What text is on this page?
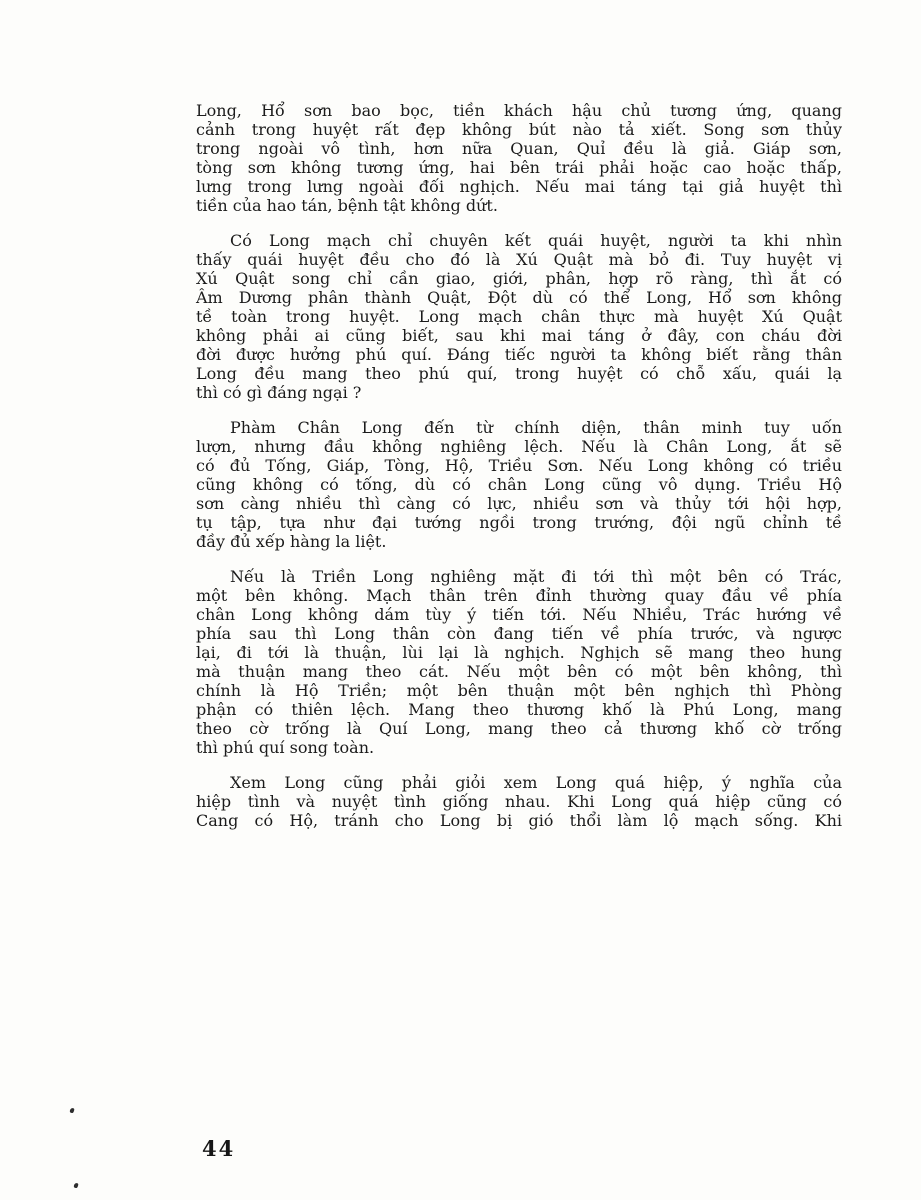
Long, Hổ sơn bao bọc, tiền khách hậu chủ tương ứng, quang
cảnh trong huyệt rất đẹp không bút nào tả xiết. Song sơn thủy
trong ngoài vô tình, hơn nữa Quan, Quỉ đều là giả. Giáp sơn,
tòng sơn không tương ứng, hai bên trái phải hoặc cao hoặc thấp,
lưng trong lưng ngoài đối nghịch. Nếu mai táng tại giả huyệt thì
tiền của hao tán, bệnh tật không dứt.

Có Long mạch chỉ chuyên kết quái huyệt, người ta khi nhìn
thấy quái huyệt đều cho đó là Xú Quật mà bỏ đi. Tuy huyệt vị
Xú Quật song chỉ cần giao, giới, phân, hợp rõ ràng, thì ắt có
Âm Dương phân thành Quật, Đột dù có thể Long, Hổ sơn không
tề toàn trong huyệt. Long mạch chân thực mà huyệt Xú Quật
không phải ai cũng biết, sau khi mai táng ở đây, con cháu đời
đời được hưởng phú quí. Đáng tiếc người ta không biết rằng thân
Long đều mang theo phú quí, trong huyệt có chỗ xấu, quái lạ
thì có gì đáng ngại ?

Phàm Chân Long đến từ chính diện, thân minh tuy uốn
lượn, nhưng đầu không nghiêng lệch. Nếu là Chân Long, ắt sẽ
có đủ Tống, Giáp, Tòng, Hộ, Triều Sơn. Nếu Long không có triều
cũng không có tống, dù có chân Long cũng vô dụng. Triều Hộ
sơn càng nhiều thì càng có lực, nhiều sơn và thủy tới hội hợp,
tụ tập, tựa như đại tướng ngồi trong trướng, đội ngũ chỉnh tề
đầy đủ xếp hàng la liệt.

Nếu là Triền Long nghiêng mặt đi tới thì một bên có Trác,
một bên không. Mạch thân trên đỉnh thường quay đầu về phía
chân Long không dám tùy ý tiến tới. Nếu Nhiều, Trác hướng về
phía sau thì Long thân còn đang tiến về phía trước, và ngược
lại, đi tới là thuận, lùi lại là nghịch. Nghịch sẽ mang theo hung
mà thuận mang theo cát. Nếu một bên có một bên không, thì
chính là Hộ Triền; một bên thuận một bên nghịch thì Phòng
phận có thiên lệch. Mang theo thương khố là Phú Long, mang
theo cờ trống là Quí Long, mang theo cả thương khố cờ trống
thì phú quí song toàn.

Xem Long cũng phải giỏi xem Long quá hiệp, ý nghĩa của
hiệp tình và nuyệt tình giống nhau. Khi Long quá hiệp cũng có
Cang có Hộ, tránh cho Long bị gió thổi làm lộ mạch sống. Khi

44
